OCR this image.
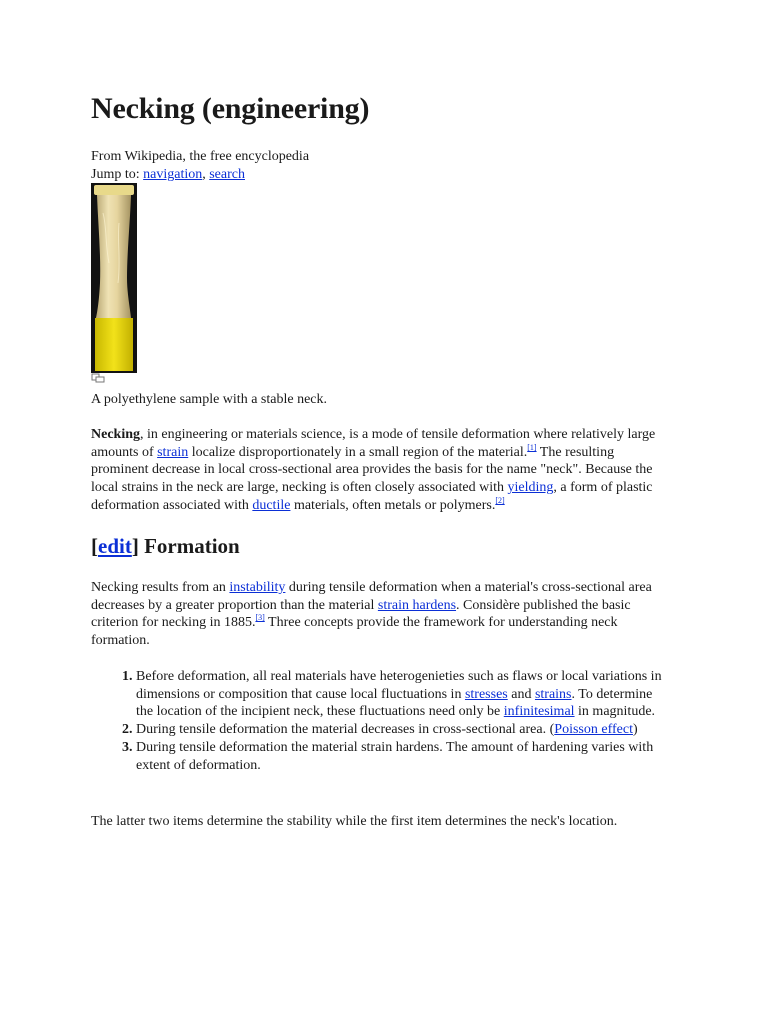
Necking (engineering)
From Wikipedia, the free encyclopedia
Jump to: navigation, search
A polyethylene sample with a stable neck.

Necking, in engineering or materials science, is a mode of tensile deformation where relatively large amounts of strain localize disproportionately in a small region of the material.[1] The resulting prominent decrease in local cross-sectional area provides the basis for the name "neck". Because the local strains in the neck are large, necking is often closely associated with yielding, a form of plastic deformation associated with ductile materials, often metals or polymers.[2]

[edit] Formation

Necking results from an instability during tensile deformation when a material's cross-sectional area decreases by a greater proportion than the material strain hardens. Considère published the basic criterion for necking in 1885.[3] Three concepts provide the framework for understanding neck formation.

1. Before deformation, all real materials have heterogenieties such as flaws or local variations in dimensions or composition that cause local fluctuations in stresses and strains. To determine the location of the incipient neck, these fluctuations need only be infinitesimal in magnitude.
2. During tensile deformation the material decreases in cross-sectional area. (Poisson effect)
3. During tensile deformation the material strain hardens. The amount of hardening varies with extent of deformation.
The latter two items determine the stability while the first item determines the neck's location.
